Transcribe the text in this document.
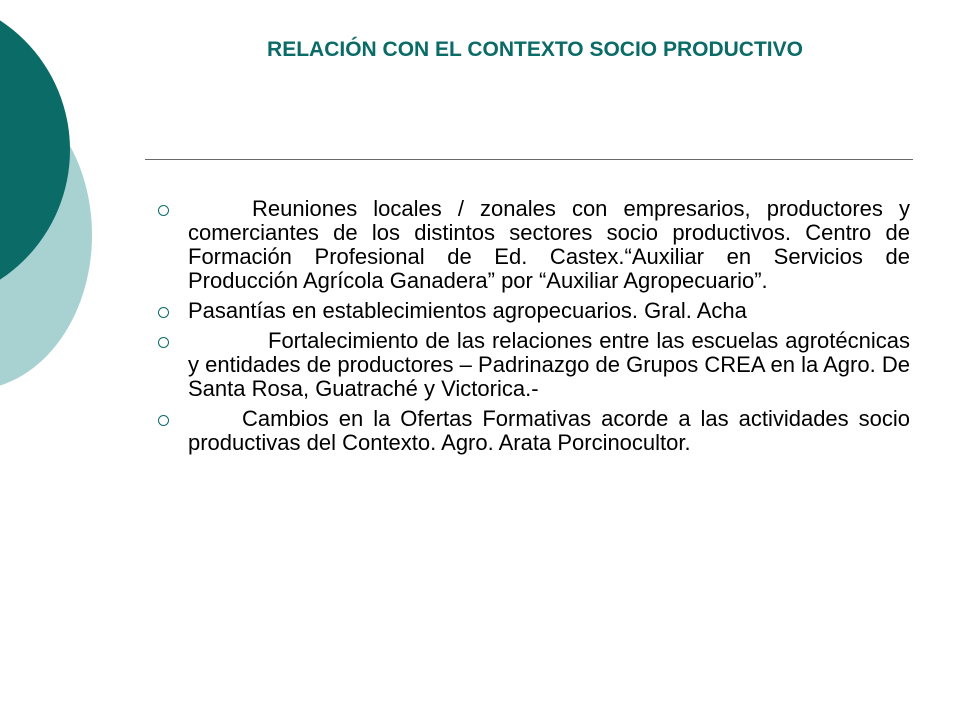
RELACIÓN CON EL CONTEXTO SOCIO PRODUCTIVO
Reuniones locales / zonales con empresarios, productores y comerciantes de los distintos sectores socio productivos. Centro de Formación Profesional de Ed. Castex.“Auxiliar en Servicios de Producción Agrícola Ganadera” por “Auxiliar Agropecuario”.
Pasantías en establecimientos agropecuarios. Gral. Acha
Fortalecimiento de las relaciones entre las escuelas agrotécnicas y entidades de productores – Padrinazgo de Grupos CREA en la Agro. De Santa Rosa, Guatraché y Victorica.-
Cambios en la Ofertas Formativas acorde a las actividades socio productivas del Contexto. Agro. Arata Porcinocultor.
